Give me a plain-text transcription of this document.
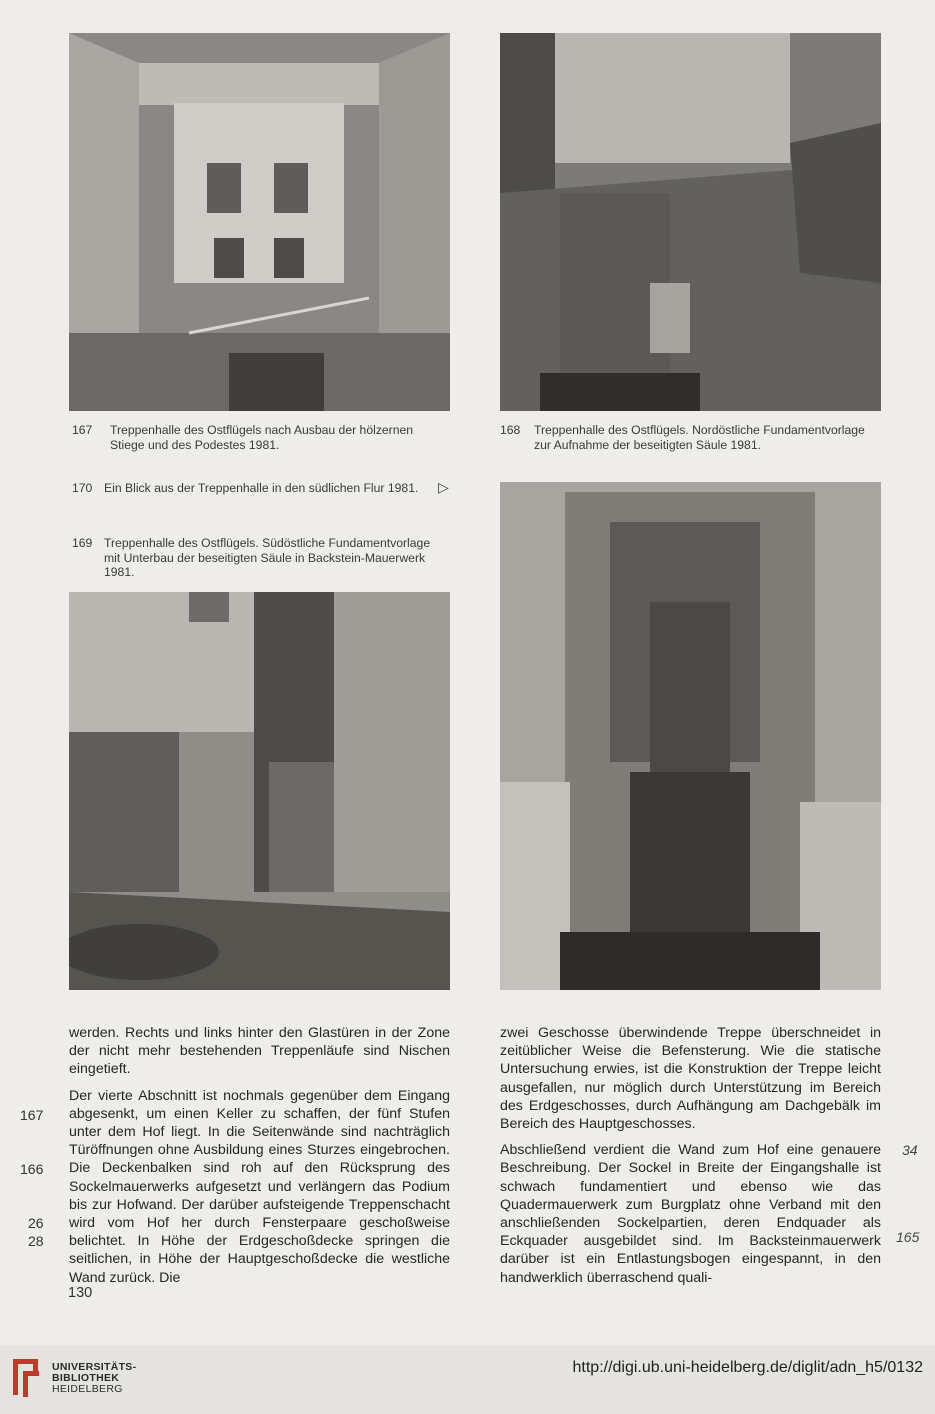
167 Treppenhalle des Ostflügels nach Ausbau der hölzernen Stiege und des Podestes 1981.
168 Treppenhalle des Ostflügels. Nordöstliche Fundamentvorlage zur Aufnahme der beseitigten Säule 1981.
170 Ein Blick aus der Treppenhalle in den südlichen Flur 1981. ▷
169 Treppenhalle des Ostflügels. Südöstliche Fundamentvorlage mit Unterbau der beseitigten Säule in Backstein-Mauerwerk 1981.

werden. Rechts und links hinter den Glastüren in der Zone der nicht mehr bestehenden Treppenläufe sind Nischen eingetieft.

Der vierte Abschnitt ist nochmals gegenüber dem Eingang abgesenkt, um einen Keller zu schaffen, der fünf Stufen unter dem Hof liegt. In die Seitenwände sind nachträglich Türöffnungen ohne Ausbildung eines Sturzes eingebrochen. Die Deckenbalken sind roh auf den Rücksprung des Sockelmauerwerks aufgesetzt und verlängern das Podium bis zur Hofwand. Der darüber aufsteigende Treppenschacht wird vom Hof her durch Fensterpaare geschoßweise belichtet. In Höhe der Erdgeschoßdecke springen die seitlichen, in Höhe der Hauptgeschoßdecke die westliche Wand zurück. Die

zwei Geschosse überwindende Treppe überschneidet in zeitüblicher Weise die Befensterung. Wie die statische Untersuchung erwies, ist die Konstruktion der Treppe leicht ausgefallen, nur möglich durch Unterstützung im Bereich des Erdgeschosses, durch Aufhängung am Dachgebälk im Bereich des Hauptgeschosses.

Abschließend verdient die Wand zum Hof eine genauere Beschreibung. Der Sockel in Breite der Eingangshalle ist schwach fundamentiert und ebenso wie das Quadermauerwerk zum Burgplatz ohne Verband mit den anschließenden Sockelpartien, deren Endquader als Eckquader ausgebildet sind. Im Backsteinmauerwerk darüber ist ein Entlastungsbogen eingespannt, in den handwerklich überraschend quali-

167
166
26
28
34
165
130
UNIVERSITÄTS-
BIBLIOTHEK
HEIDELBERG
http://digi.ub.uni-heidelberg.de/diglit/adn_h5/0132
